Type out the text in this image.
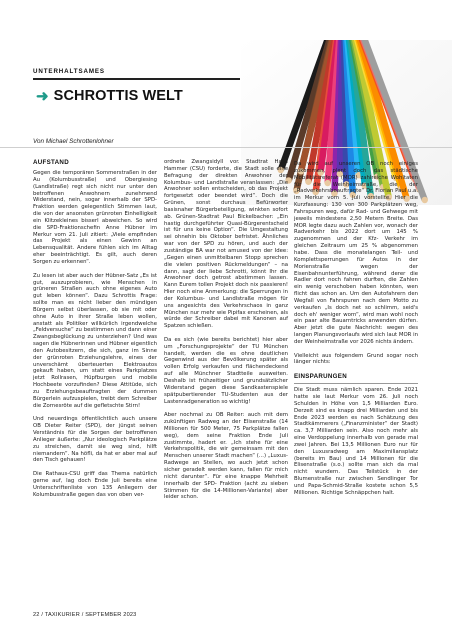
UNTERHALTSAMES
➜ SCHROTTIS WELT
Von Michael Schrottenlohner
AUFSTAND

Gegen die temporären Sommerstraßen in der Au (Kolumbusstraße) und Obergiesing (Landlstraße) regt sich nicht nur unter den betroffenen Anwohnern zunehmend Widerstand, nein, sogar innerhalb der SPD-Fraktion werden gelegentlich Stimmen laut, die von der ansonsten grünroten Einhelligkeit ein Klitzekleines bisserl abweichen. So wird die SPD-Fraktionschefin Anne Hübner im Merkur vom 21. Juli zitiert: „Viele empfinden das Projekt als einen Gewinn an Lebensqualität. Andere fühlen sich im Alltag eher beeinträchtigt. Es gilt, auch deren Sorgen zu erkennen“.

Zu lesen ist aber auch der Hübner-Satz „Es ist gut, auszuprobieren, wie Menschen in grüneren Straßen auch ohne eigenes Auto gut leben können“. Dazu Schrottis Frage: sollte man es nicht lieber den mündigen Bürgern selbst überlassen, ob sie mit oder ohne Auto in ihrer Straße leben wollen, anstatt als Politiker willkürlich irgendwelche „Feldversuche“ zu bestimmen und dann einer Zwangsbeglückung zu unterziehen? Und was sagen die Hübnerinnen und Hübner eigentlich den Autobesitzern, die sich, ganz im Sinne der grünroten Erziehungslehre, eines der unverschämt überteuerten Elektroautos gekauft haben, um statt eines Parkplatzes jetzt Rollrasen, Hüpfburgen und mobile Hochbeete vorzufinden? Diese Attitüde, sich zu Erziehungsbeauftragten der dummen Bürgerlein aufzuspielen, treibt dem Schreiber die Zornesröte auf die gefletschte Stirn!

Und neuerdings öffentlichtlich auch unsere OB Dieter Reiter (SPD), der jüngst seinen Verständnis für die Sorgen der betroffenen Anlieger äußerte: „Nur ideologisch Parkplätze zu streichen, damit sie weg sind, hilft niemandem“. Na höfli, da hat er aber mal auf den Tisch gehauen!

Die Rathaus-CSU griff das Thema natürlich gerne auf, lag doch Ende Juli bereits eine Unterschriftenliste von 135 Anliegern der Kolumbusstraße gegen das von oben ver-

ordnete Zwangsidyll vor. Stadtrat Hans Hammer (CSU) forderte, die Stadt solle eine Befragung der direkten Anwohner der Kolumbus- und Landlstraße veranlassen: „Die Anwohner sollen entscheiden, ob das Projekt fortgesetzt oder beendet wird“. Doch die Grünen, sonst durchaus Befürworter basisnaher Bürgerbeteiligung, winkten sofort ab. Grünen-Stadtrat Paul Bickelbacher: „Ein hastig durchgeführter Quasi-Bürgerentscheid ist für uns keine Option“. Die Umgestaltung sei ohnehin bis Oktober befristet. Ähnliches war von der SPD zu hören, und auch der zuständige BA war not amused von der Idee: „Gegen einen unmittelbaren Stopp sprechen die vielen positiven Rückmeldungen“ – na dann, sagt der liebe Schrotti, könnt Ihr die Anwohner doch getrost abstimmen lassen. Kann Eurem tollen Projekt doch nix passieren! Hier noch eine Anmerkung: die Sperrungen in der Kolumbus- und Landlstraße mögen für uns angesichts des Verkehrschaos in ganz München nur mehr wie Pipifax erscheinen, als würde der Schreiber dabei mit Kanonen auf Spatzen schießen.

Da es sich (wie bereits berichtet) hier aber um „Forschungsprojekte“ der TU München handelt, werden die es ohne deutlichen Gegenwind aus der Bevölkerung später als vollen Erfolg verkaufen und flächendeckend auf alle Münchner Stadtteile ausweiten. Deshalb ist frühzeitiger und grundsätzlicher Widerstand gegen diese Sandkastenspiele spätpubertierender TU-Studenten aus der Lastenradgeneration so wichtig!

Aber nochmal zu OB Reiter: auch mit dem zukünftigen Radweg an der Elisenstraße (14 Millionen für 500 Meter, 75 Parkplätze fallen weg), dem seine Fraktion Ende Juli zustimmte, hadert er. „Ich stehe für eine Verkehrspolitik, die wir gemeinsam mit den Menschen unserer Stadt machen“ (...) „Luxus-Radwege an Stellen, wo auch jetzt schon sicher geradelt werden kann, fallen für mich nicht darunter“. Für eine knappe Mehrheit innerhalb der SPD- Fraktion (acht zu sieben Stimmen für die 14-Millionen-Variante) aber leider schon.

Da wird auf unseren OB noch einiges zukommen, plant doch das städtische Mobilitätsreferat (MOR) zahlreiche Wohltaten für die Weinheimstraße, die der „Radverkehrsbeauftragte“ Dr. Florian Paul u.a. im Merkur vom 5. Juli vorstellte. Hier die Kurzfassung: 130 von 300 Parkplätzen weg, Fahrspuren weg, dafür Rad- und Gehwege mit jeweils mindestens 2,50 Metern Breite. Das MOR legte dazu auch Zahlen vor, wonach der Radverkehr bis 2022 dort um 145 % zugenommen und der Kfz- Verkehr im gleichen Zeitraum um 25 % abgenommen habe. Dass die monatelangen Teil- und Komplettsperrungen für Autos in der Morienstraße wegen der Eisenbahnunterführung, während derer die Radler dort noch fahren durften, die Zahlen ein wenig verschoben haben könnten, wen flicht das schon an. Um den Autofahrern den Wegfall von Fahrspuren nach dem Motto zu verkaufen „Is doch net so schlimm, seid's doch eh' weniger worn“, wird man wohl noch ein paar alte Bauarntricks anwenden dürfen. Aber jetzt die gute Nachricht: wegen des langen Planungsvorlaufs wird sich laut MOR in der Weinheimstraße vor 2026 nichts ändern.

Vielleicht aus folgendem Grund sogar noch länger nichts:

EINSPARUNGEN

Die Stadt muss nämlich sparen. Ende 2021 hatte sie laut Merkur vom 26. Juli noch Schulden in Höhe von 1,5 Milliarden Euro. Derzeit sind es knapp drei Milliarden und bis Ende 2023 werden es nach Schätzung des Stadtkämmerers („Finanzminister“ der Stadt) ca. 3,7 Milliarden sein. Also noch mehr als eine Verdoppelung innerhalb von gerade mal zwei Jahren. Bei 13,5 Millionen Euro nur für den Luxusradweg am Maximiliansplatz (bereits im Bau) und 14 Millionen für die Elisenstraße (s.o.) sollte man sich da mal nicht wundern. Das Teilstück in der Blumenstraße nur zwischen Sendlinger Tor und Papa-Schmid-Straße kostete schon 5,5 Millionen. Richtige Schnäppchen halt.

22 / TAXIKURIER / SEPTEMBER 2023
